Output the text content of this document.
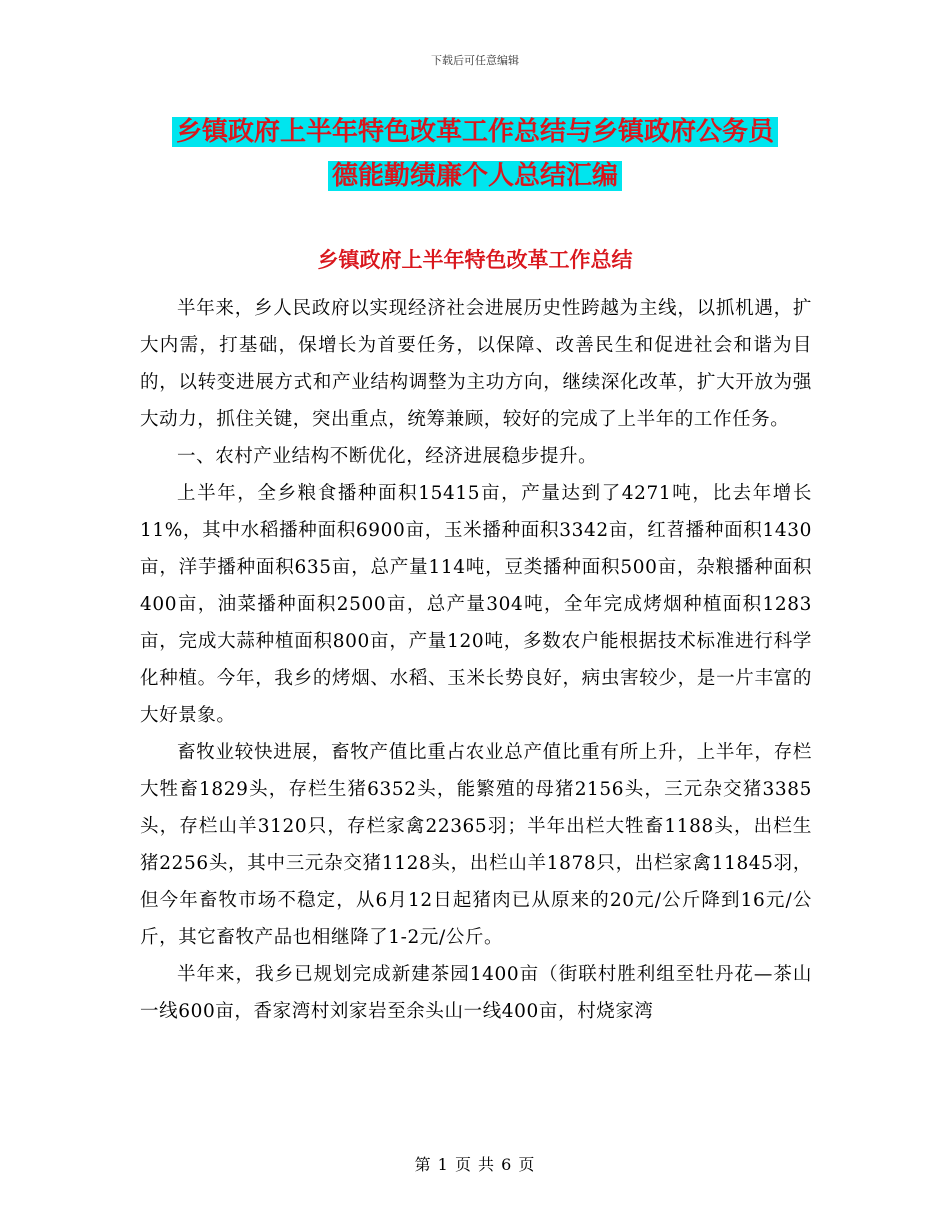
下载后可任意编辑
乡镇政府上半年特色改革工作总结与乡镇政府公务员
德能勤绩廉个人总结汇编
乡镇政府上半年特色改革工作总结

半年来，乡人民政府以实现经济社会进展历史性跨越为主线，以抓机遇，扩大内需，打基础，保增长为首要任务，以保障、改善民生和促进社会和谐为目的，以转变进展方式和产业结构调整为主功方向，继续深化改革，扩大开放为强大动力，抓住关键，突出重点，统筹兼顾，较好的完成了上半年的工作任务。

一、农村产业结构不断优化，经济进展稳步提升。

上半年，全乡粮食播种面积15415亩，产量达到了4271吨，比去年增长11%，其中水稻播种面积6900亩，玉米播种面积3342亩，红苕播种面积1430亩，洋芋播种面积635亩，总产量114吨，豆类播种面积500亩，杂粮播种面积400亩，油菜播种面积2500亩，总产量304吨，全年完成烤烟种植面积1283亩，完成大蒜种植面积800亩，产量120吨，多数农户能根据技术标准进行科学化种植。今年，我乡的烤烟、水稻、玉米长势良好，病虫害较少，是一片丰富的大好景象。

畜牧业较快进展，畜牧产值比重占农业总产值比重有所上升，上半年，存栏大牲畜1829头，存栏生猪6352头，能繁殖的母猪2156头，三元杂交猪3385头，存栏山羊3120只，存栏家禽22365羽；半年出栏大牲畜1188头，出栏生猪2256头，其中三元杂交猪1128头，出栏山羊1878只，出栏家禽11845羽，但今年畜牧市场不稳定，从6月12日起猪肉已从原来的20元/公斤降到16元/公斤，其它畜牧产品也相继降了1-2元/公斤。

半年来，我乡已规划完成新建茶园1400亩（街联村胜利组至牡丹花—茶山一线600亩，香家湾村刘家岩至余头山一线400亩，村烧家湾

第 1 页 共 6 页
